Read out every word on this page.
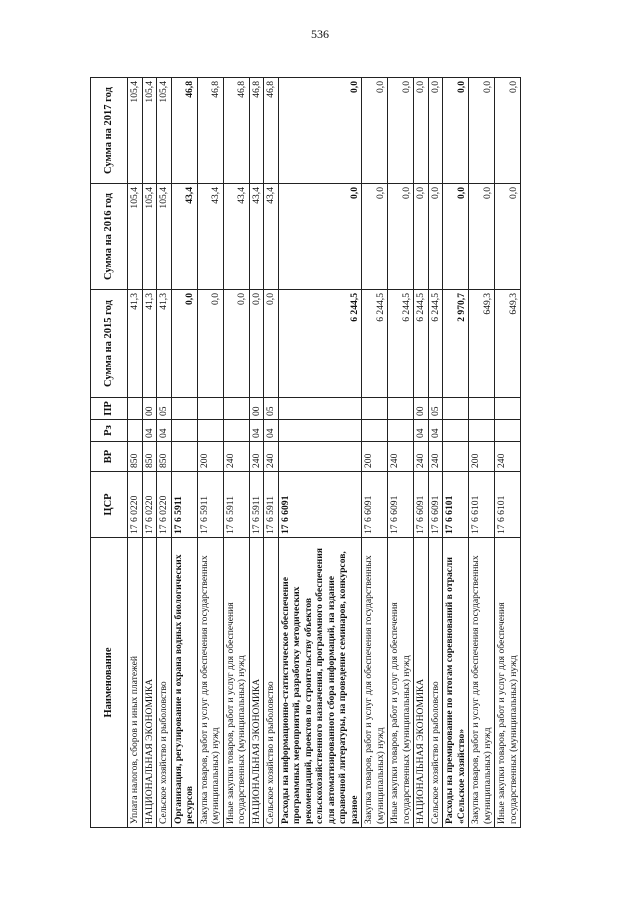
536
Наименование	ЦСР	ВР	Рз	ПР	Сумма на 2015 год	Сумма на 2016 год	Сумма на 2017 год
Уплата налогов, сборов и иных платежей	17 6 0220	850			41,3	105,4	105,4
НАЦИОНАЛЬНАЯ ЭКОНОМИКА	17 6 0220	850	04	00	41,3	105,4	105,4
Сельское хозяйство и рыболовство	17 6 0220	850	04	05	41,3	105,4	105,4
Организация, регулирование и охрана водных биологических ресурсов	17 6 5911				0,0	43,4	46,8
Закупка товаров, работ и услуг для обеспечения государственных (муниципальных) нужд	17 6 5911	200			0,0	43,4	46,8
Иные закупки товаров, работ и услуг для обеспечения государственных (муниципальных) нужд	17 6 5911	240			0,0	43,4	46,8
НАЦИОНАЛЬНАЯ ЭКОНОМИКА	17 6 5911	240	04	00	0,0	43,4	46,8
Сельское хозяйство и рыболовство	17 6 5911	240	04	05	0,0	43,4	46,8
Расходы на информационно-статистическое обеспечение программных мероприятий, разработку методических рекомендаций, проектов по строительству объектов сельскохозяйственного назначения, программного обеспечения для автоматизированного сбора информаций, на издание справочной литературы, на проведение семинаров, конкурсов, разное	17 6 6091				6 244,5	0,0	0,0
Закупка товаров, работ и услуг для обеспечения государственных (муниципальных) нужд	17 6 6091	200			6 244,5	0,0	0,0
Иные закупки товаров, работ и услуг для обеспечения государственных (муниципальных) нужд	17 6 6091	240			6 244,5	0,0	0,0
НАЦИОНАЛЬНАЯ ЭКОНОМИКА	17 6 6091	240	04	00	6 244,5	0,0	0,0
Сельское хозяйство и рыболовство	17 6 6091	240	04	05	6 244,5	0,0	0,0
Расходы на премирование по итогам соревнований в отрасли «Сельское хозяйство»	17 6 6101				2 970,7	0,0	0,0
Закупка товаров, работ и услуг для обеспечения государственных (муниципальных) нужд	17 6 6101	200			649,3	0,0	0,0
Иные закупки товаров, работ и услуг для обеспечения государственных (муниципальных) нужд	17 6 6101	240			649,3	0,0	0,0
